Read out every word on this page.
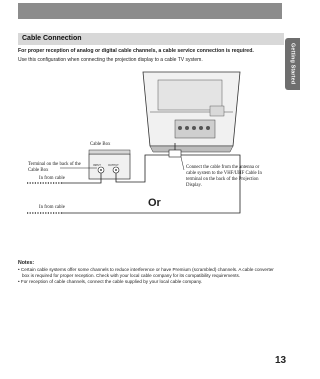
Cable Connection
Getting Started
For proper reception of analog or digital cable channels, a cable service connection is required.
Use this configuration when connecting the projection display to a cable TV system.
Cable Box
Terminal on the back of the Cable Box
INPUT	OUTPUT
In from cable
Connect the cable from the antenna or cable system to the VHF/UHF Cable In terminal on the back of the Projection Display.
In from cable	Or
Notes:
• Certain cable systems offer some channels to reduce interference or have Premium (scrambled) channels. A cable converter box is required for proper reception. Check with your local cable company for its compatibility requirements.
• For reception of cable channels, connect the cable supplied by your local cable company.
13
